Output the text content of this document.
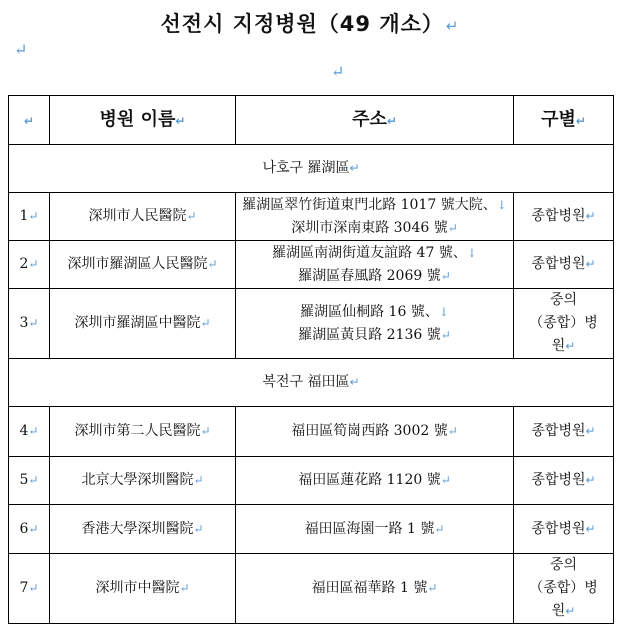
선전시 지정병원（49 개소） ↵
↵
↵
↵	병원 이름↵	주소↵	구별↵
나호구 羅湖區↵			
1↵	深圳市人民醫院↵	羅湖區翠竹街道東門北路 1017 號大院、↓
深圳市深南東路 3046 號↵	종합병원↵
2↵	深圳市羅湖區人民醫院↵	羅湖區南湖街道友誼路 47 號、↓
羅湖區春風路 2069 號↵	종합병원↵
3↵	深圳市羅湖區中醫院↵	羅湖區仙桐路 16 號、↓
羅湖區黃貝路 2136 號↵	중의
（종합）병
원↵
복전구 福田區↵			
4↵	深圳市第二人民醫院↵	福田區筍崗西路 3002 號↵	종합병원↵
5↵	北京大學深圳醫院↵	福田區蓮花路 1120 號↵	종합병원↵
6↵	香港大學深圳醫院↵	福田區海園一路 1 號↵	종합병원↵
7↵	深圳市中醫院↵	福田區福華路 1 號↵	중의
（종합）병
원↵
